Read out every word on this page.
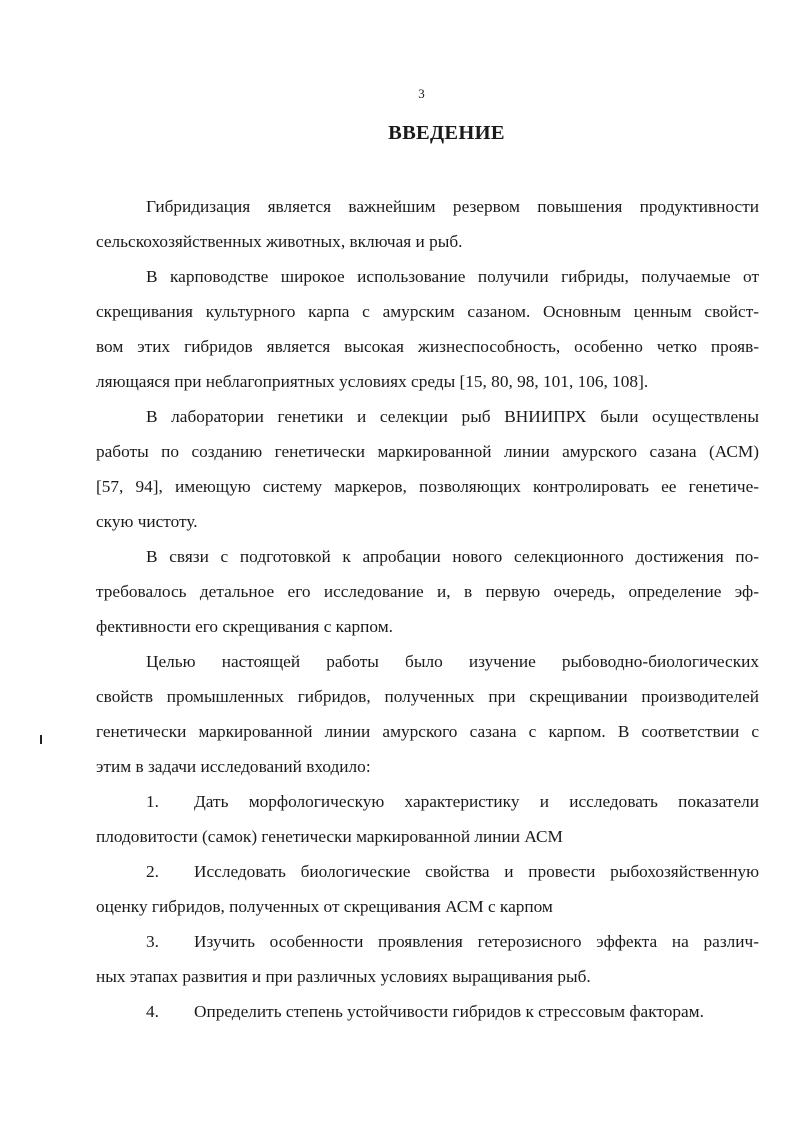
3
ВВЕДЕНИЕ

Гибридизация является важнейшим резервом повышения продуктивности
сельскохозяйственных животных, включая и рыб.

В карповодстве широкое использование получили гибриды, получаемые от
скрещивания культурного карпа с амурским сазаном. Основным ценным свойст-
вом этих гибридов является высокая жизнеспособность, особенно четко прояв-
ляющаяся при неблагоприятных условиях среды [15, 80, 98, 101, 106, 108].

В лаборатории генетики и селекции рыб ВНИИПРХ были осуществлены
работы по созданию генетически маркированной линии амурского сазана (АСМ)
[57, 94], имеющую систему маркеров, позволяющих контролировать ее генетиче-
скую чистоту.

В связи с подготовкой к апробации нового селекционного достижения по-
требовалось детальное его исследование и, в первую очередь, определение эф-
фективности его скрещивания с карпом.

Целью настоящей работы было изучение рыбоводно-биологических
свойств промышленных гибридов, полученных при скрещивании производителей
генетически маркированной линии амурского сазана с карпом. В соответствии с
этим в задачи исследований входило:

1.	Дать морфологическую характеристику и исследовать показатели
плодовитости (самок) генетически маркированной линии АСМ
2.	Исследовать биологические свойства и провести рыбохозяйственную
оценку гибридов, полученных от скрещивания АСМ с карпом
3.	Изучить особенности проявления гетерозисного эффекта на различ-
ных этапах развития и при различных условиях выращивания рыб.
4.	Определить степень устойчивости гибридов к стрессовым факторам.
